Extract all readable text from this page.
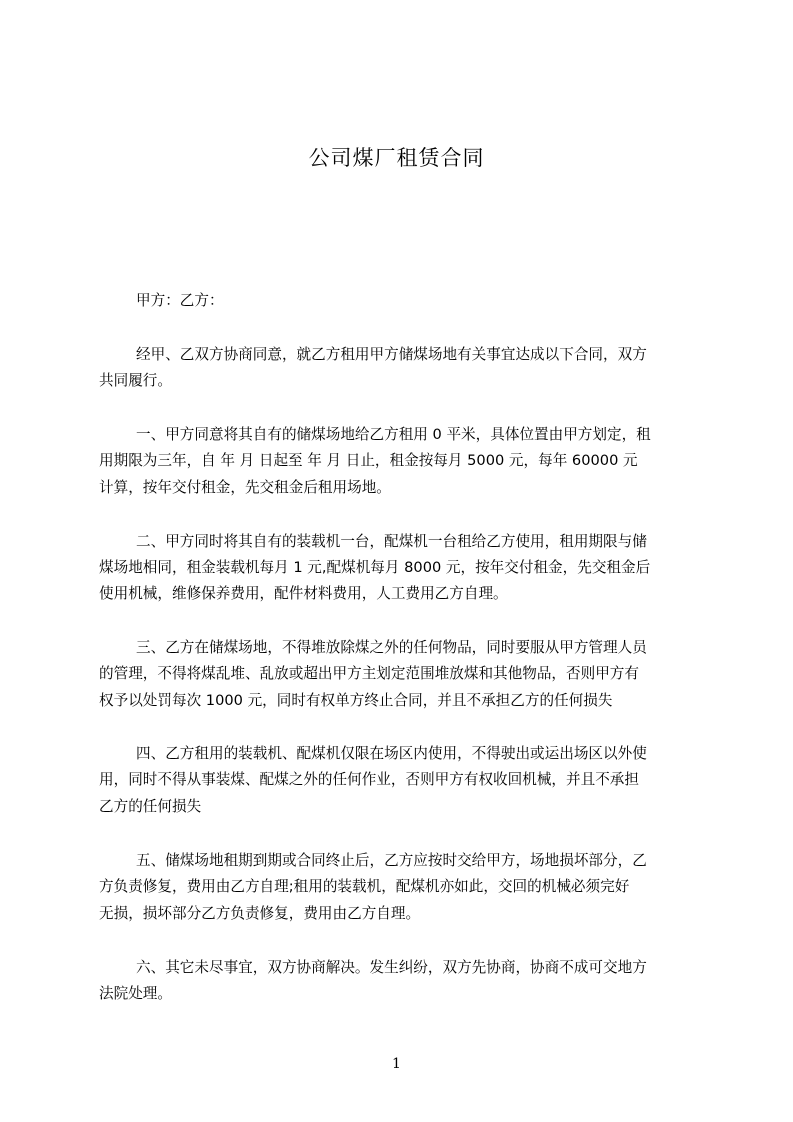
公司煤厂租赁合同
甲方：乙方：
经甲、乙双方协商同意，就乙方租用甲方储煤场地有关事宜达成以下合同，双方
共同履行。
一、甲方同意将其自有的储煤场地给乙方租用 0 平米，具体位置由甲方划定，租
用期限为三年，自 年 月 日起至 年 月 日止，租金按每月 5000 元，每年 60000 元
计算，按年交付租金，先交租金后租用场地。
二、甲方同时将其自有的装载机一台，配煤机一台租给乙方使用，租用期限与储
煤场地相同，租金装载机每月 1 元,配煤机每月 8000 元，按年交付租金，先交租金后
使用机械，维修保养费用，配件材料费用，人工费用乙方自理。
三、乙方在储煤场地，不得堆放除煤之外的任何物品，同时要服从甲方管理人员
的管理，不得将煤乱堆、乱放或超出甲方主划定范围堆放煤和其他物品，否则甲方有
权予以处罚每次 1000 元，同时有权单方终止合同，并且不承担乙方的任何损失
四、乙方租用的装载机、配煤机仅限在场区内使用，不得驶出或运出场区以外使
用，同时不得从事装煤、配煤之外的任何作业，否则甲方有权收回机械，并且不承担
乙方的任何损失
五、储煤场地租期到期或合同终止后，乙方应按时交给甲方，场地损坏部分，乙
方负责修复，费用由乙方自理;租用的装载机，配煤机亦如此，交回的机械必须完好
无损，损坏部分乙方负责修复，费用由乙方自理。
六、其它未尽事宜，双方协商解决。发生纠纷，双方先协商，协商不成可交地方
法院处理。
1
